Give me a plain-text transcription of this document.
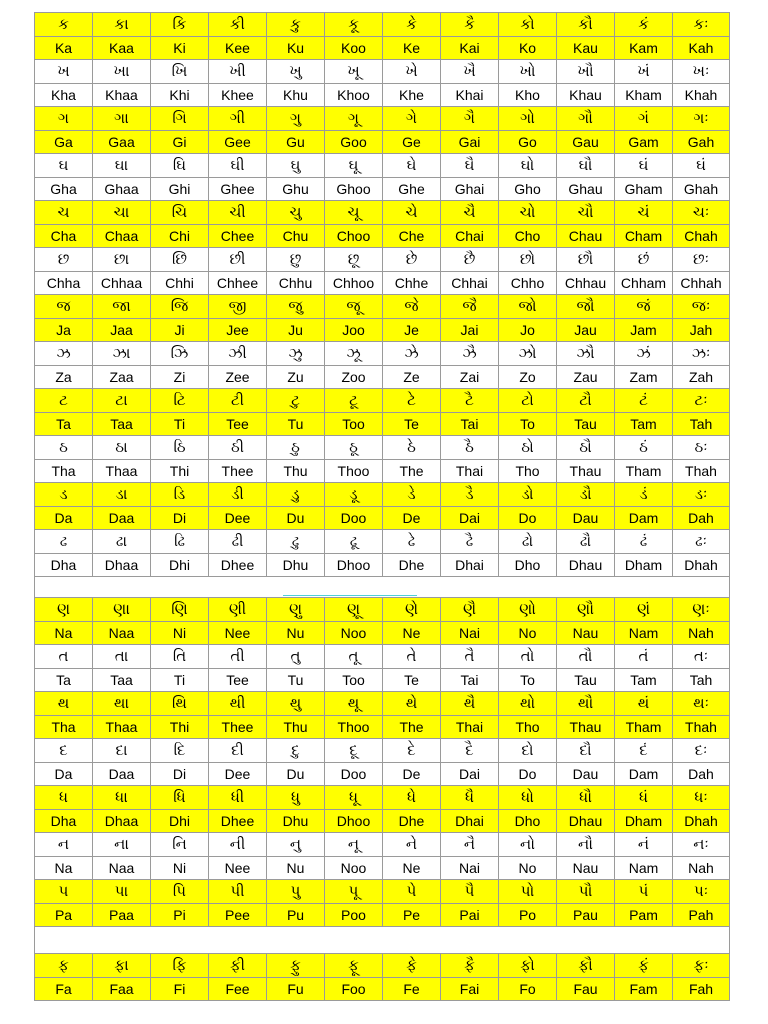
ક	કા	કિ	કી	કુ	કૂ	કે	કૈ	કો	કૌ	કં	કઃ
Ka	Kaa	Ki	Kee	Ku	Koo	Ke	Kai	Ko	Kau	Kam	Kah
ખ	ખા	ખિ	ખી	ખુ	ખૂ	ખે	ખૈ	ખો	ખૌ	ખં	ખઃ
Kha	Khaa	Khi	Khee	Khu	Khoo	Khe	Khai	Kho	Khau	Kham	Khah
ગ	ગા	ગિ	ગી	ગુ	ગૂ	ગે	ગૈ	ગો	ગૌ	ગં	ગઃ
Ga	Gaa	Gi	Gee	Gu	Goo	Ge	Gai	Go	Gau	Gam	Gah
ઘ	ઘા	ઘિ	ઘી	ઘુ	ઘૂ	ઘે	ઘૈ	ઘો	ઘૌ	ઘં	ઘં
Gha	Ghaa	Ghi	Ghee	Ghu	Ghoo	Ghe	Ghai	Gho	Ghau	Gham	Ghah
ચ	ચા	ચિ	ચી	ચુ	ચૂ	ચે	ચૈ	ચો	ચૌ	ચં	ચઃ
Cha	Chaa	Chi	Chee	Chu	Choo	Che	Chai	Cho	Chau	Cham	Chah
છ	છા	છિ	છી	છુ	છૂ	છે	છૈ	છો	છૌ	છં	છઃ
Chha	Chhaa	Chhi	Chhee	Chhu	Chhoo	Chhe	Chhai	Chho	Chhau	Chham	Chhah
જ	જા	જિ	જી	જુ	જૂ	જે	જૈ	જો	જૌ	જં	જઃ
Ja	Jaa	Ji	Jee	Ju	Joo	Je	Jai	Jo	Jau	Jam	Jah
ઝ	ઝા	ઝિ	ઝી	ઝુ	ઝૂ	ઝે	ઝૈ	ઝો	ઝૌ	ઝં	ઝઃ
Za	Zaa	Zi	Zee	Zu	Zoo	Ze	Zai	Zo	Zau	Zam	Zah
ટ	ટા	ટિ	ટી	ટુ	ટૂ	ટે	ટૈ	ટો	ટૌ	ટં	ટઃ
Ta	Taa	Ti	Tee	Tu	Too	Te	Tai	To	Tau	Tam	Tah
ઠ	ઠા	ઠિ	ઠી	ઠુ	ઠૂ	ઠે	ઠૈ	ઠો	ઠૌ	ઠં	ઠઃ
Tha	Thaa	Thi	Thee	Thu	Thoo	The	Thai	Tho	Thau	Tham	Thah
ડ	ડા	ડિ	ડી	ડુ	ડૂ	ડે	ડૈ	ડો	ડૌ	ડં	ડઃ
Da	Daa	Di	Dee	Du	Doo	De	Dai	Do	Dau	Dam	Dah
ઢ	ઢા	ઢિ	ઢી	ઢુ	ઢૂ	ઢે	ઢૈ	ઢો	ઢૌ	ઢં	ઢઃ
Dha	Dhaa	Dhi	Dhee	Dhu	Dhoo	Dhe	Dhai	Dho	Dhau	Dham	Dhah
ણ	ણા	ણિ	ણી	ણુ	ણૂ	ણે	ણૈ	ણો	ણૌ	ણં	ણઃ
Na	Naa	Ni	Nee	Nu	Noo	Ne	Nai	No	Nau	Nam	Nah
ત	તા	તિ	તી	તુ	તૂ	તે	તૈ	તો	તૌ	તં	તઃ
Ta	Taa	Ti	Tee	Tu	Too	Te	Tai	To	Tau	Tam	Tah
થ	થા	થિ	થી	થુ	થૂ	થે	થૈ	થો	થૌ	થં	થઃ
Tha	Thaa	Thi	Thee	Thu	Thoo	The	Thai	Tho	Thau	Tham	Thah
દ	દા	દિ	દી	દુ	દૂ	દે	દૈ	દો	દૌ	દં	દઃ
Da	Daa	Di	Dee	Du	Doo	De	Dai	Do	Dau	Dam	Dah
ધ	ધા	ધિ	ધી	ધુ	ધૂ	ધે	ધૈ	ધો	ધૌ	ધં	ધઃ
Dha	Dhaa	Dhi	Dhee	Dhu	Dhoo	Dhe	Dhai	Dho	Dhau	Dham	Dhah
ન	ના	નિ	ની	નુ	નૂ	ને	નૈ	નો	નૌ	નં	નઃ
Na	Naa	Ni	Nee	Nu	Noo	Ne	Nai	No	Nau	Nam	Nah
પ	પા	પિ	પી	પુ	પૂ	પે	પૈ	પો	પૌ	પં	પઃ
Pa	Paa	Pi	Pee	Pu	Poo	Pe	Pai	Po	Pau	Pam	Pah
ફ	ફા	ફિ	ફી	ફુ	ફૂ	ફે	ફૈ	ફો	ફૌ	ફં	ફઃ
Fa	Faa	Fi	Fee	Fu	Foo	Fe	Fai	Fo	Fau	Fam	Fah
